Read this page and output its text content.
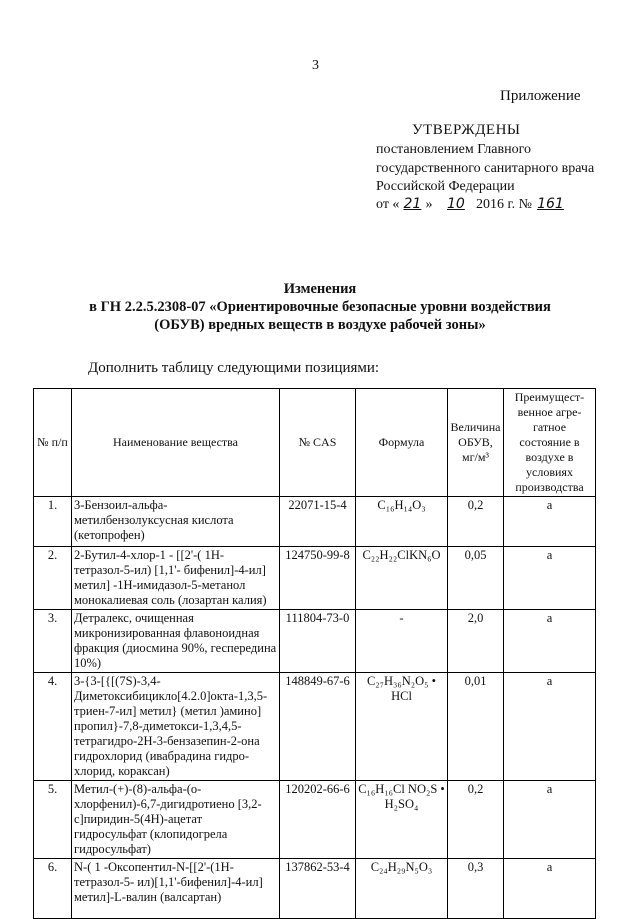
3
Приложение
УТВЕРЖДЕНЫ
постановлением Главного государственного санитарного врача Российской Федерации
от « 21 » 10 2016 г. № 161
Изменения
в ГН 2.2.5.2308-07 «Ориентировочные безопасные уровни воздействия
(ОБУВ) вредных веществ в воздухе рабочей зоны»
Дополнить таблицу следующими позициями:
№ п/п	Наименование вещества	№ CAS	Формула	Величина ОБУВ, мг/м³	Преимущест-венное агре-гатное состояние в воздухе в условиях производства
1.	3-Бензоил-альфа-метилбензолуксусная кислота (кетопрофен)	22071-15-4	C₁₆H₁₄O₃	0,2	а
2.	2-Бутил-4-хлор-1 - [[2'-( 1Н-тетразол-5-ил) [1,1'- бифенил]-4-ил] метил] -1Н-имидазол-5-метанол монокалиевая соль (лозартан калия)	124750-99-8	C₂₂H₂₂ClKN₆O	0,05	а
3.	Детралекс, очищенная микронизированная флавоноидная фракция (диосмина 90%, геспередина 10%)	111804-73-0	-	2,0	а
4.	3-{3-[{[(7S)-3,4-Диметоксибицикло[4.2.0]окта-1,3,5-триен-7-ил] метил} (метил )амино] пропил}-7,8-диметокси-1,3,4,5-тетрагидро-2Н-3-бензазепин-2-она гидрохлорид (ивабрадина гидро-хлорид, кораксан)	148849-67-6	C₂₇H₃₆N₂O₅ • HCl	0,01	а
5.	Метил-(+)-(8)-альфа-(о-хлорфенил)-6,7-дигидротиено [3,2-с]пиридин-5(4Н)-ацетат гидросульфат (клопидогрела гидросульфат)	120202-66-6	C₁₆H₁₆Cl NO₂S • H₂SO₄	0,2	а
6.	N-( 1 -Оксопентил-N-[[2'-(1Н-тетразол-5- ил)[1,1'-бифенил]-4-ил] метил]-L-валин (валсартан)	137862-53-4	C₂₄H₂₉N₅O₃	0,3	а
